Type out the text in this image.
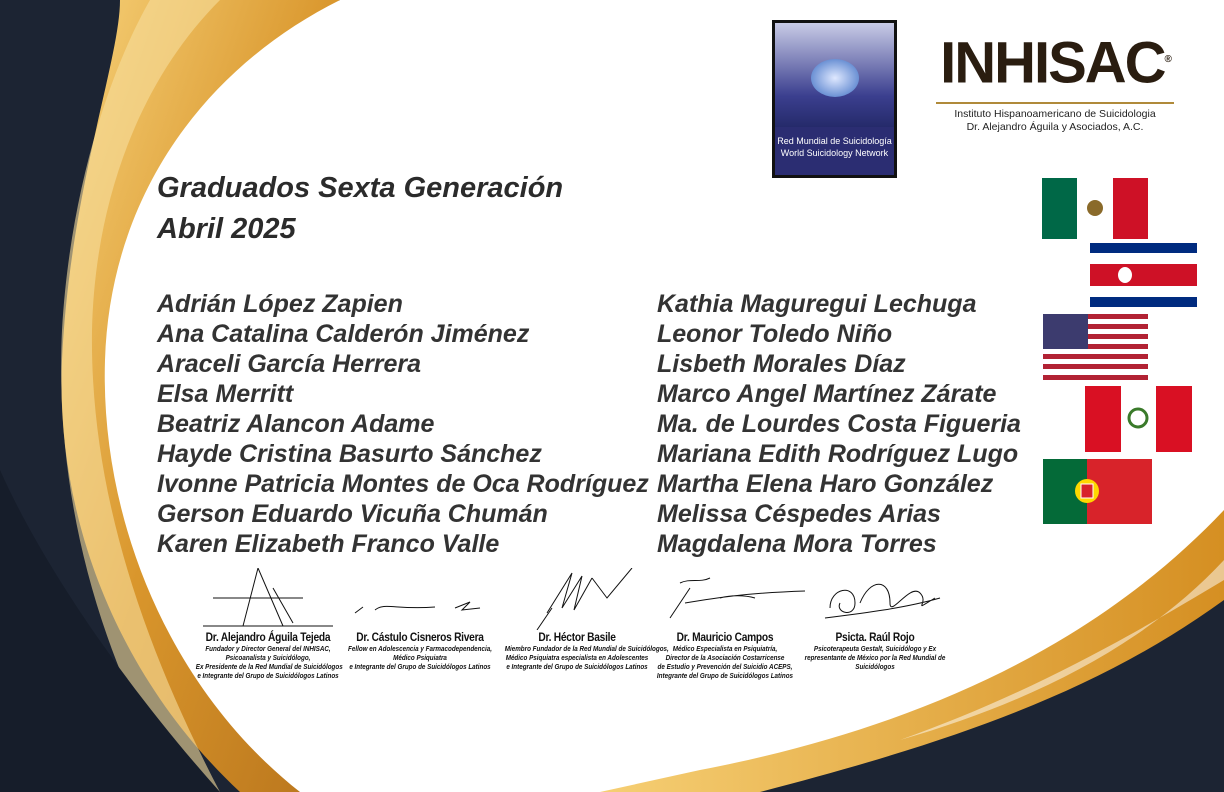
Red Mundial de Suicidología
World Suicidology Network
INHISAC®
Instituto Hispanoamericano de Suicidologia
Dr. Alejandro Águila y Asociados, A.C.
Graduados Sexta Generación
Abril 2025
Adrián López Zapien
Ana Catalina Calderón Jiménez
Araceli García Herrera
Elsa Merritt
Beatriz Alancon Adame
Hayde Cristina Basurto Sánchez
Ivonne Patricia Montes de Oca Rodríguez
Gerson Eduardo Vicuña Chumán
Karen Elizabeth Franco Valle
Kathia Maguregui Lechuga
Leonor Toledo Niño
Lisbeth Morales Díaz
Marco Angel Martínez Zárate
Ma. de Lourdes Costa Figueria
Mariana Edith Rodríguez Lugo
Martha Elena Haro González
Melissa Céspedes Arias
Magdalena Mora Torres
Dr. Alejandro Águila Tejeda
Fundador y Director General del INHISAC,
Psicoanalista y Suicidólogo,
Ex Presidente de la Red Mundial de Suicidólogos
e Integrante del Grupo de Suicidólogos Latinos
Dr. Cástulo Cisneros Rivera
Fellow en Adolescencia y Farmacodependencia,
Médico Psiquiatra
e Integrante del Grupo de Suicidólogos Latinos
Dr. Héctor Basile
Miembro Fundador de la Red Mundial de Suicidólogos,
Médico Psiquiatra especialista en Adolescentes
e Integrante del Grupo de Suicidólogos Latinos
Dr. Mauricio Campos
Médico Especialista en Psiquiatría,
Director de la Asociación Costarricense
de Estudio y Prevención del Suicidio ACEPS,
Integrante del Grupo de Suicidólogos Latinos
Psicta. Raúl Rojo
Psicoterapeuta Gestalt, Suicidólogo y Ex
representante de México por la Red Mundial de
Suicidólogos
